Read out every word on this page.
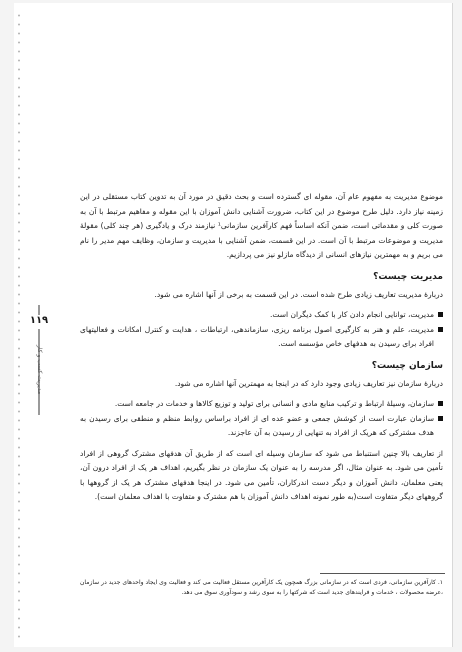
۱۱۹
مدیریت کسب و کار

موضوع مدیریت به مفهوم عام آن، مقوله ای گسترده است و بحث دقیق در مورد آن به تدوین کتاب مستقلی در این زمینه نیاز دارد. دلیل طرح موضوع در این کتاب، ضرورت آشنایی دانش آموزان با این مقوله و مفاهیم مرتبط با آن به صورت کلی و مقدماتی است، ضمن آنکه اساساً فهم کارآفرین سازمانی¹ نیازمند درک و یادگیری (هر چند کلی) مقولهٔ مدیریت و موضوعات مرتبط با آن است. در این قسمت، ضمن آشنایی با مدیریت و سازمان، وظایف مهم مدیر را نام می بریم و به مهمترین نیازهای انسانی از دیدگاه مازلو نیز می پردازیم.

مدیریت چیست؟

دربارهٔ مدیریت تعاریف زیادی طرح شده است. در این قسمت به برخی از آنها اشاره می شود.

مدیریت، توانایی انجام دادن کار با کمک دیگران است.

مدیریت، علم و هنر به کارگیری اصول برنامه ریزی، سازماندهی، ارتباطات ، هدایت و کنترل امکانات و فعالیتهای افراد برای رسیدن به هدفهای خاص مؤسسه است.

سازمان چیست؟

دربارهٔ سازمان نیز تعاریف زیادی وجود دارد که در اینجا به مهمترین آنها اشاره می شود.

سازمان، وسیلهٔ ارتباط و ترکیب منابع مادی و انسانی برای تولید و توزیع کالاها و خدمات در جامعه است.

سازمان عبارت است از کوشش جمعی و عضو عده ای از افراد براساس روابط منظم و منطقی برای رسیدن به هدف مشترکی که هریک از افراد به تنهایی از رسیدن به آن عاجزند.

از تعاریف بالا چنین استنباط می شود که سازمان وسیله ای است که از طریق آن هدفهای مشترک گروهی از افراد تأمین می شود. به عنوان مثال، اگر مدرسه را به عنوان یک سازمان در نظر بگیریم، اهداف هر یک از افراد درون آن، یعنی معلمان، دانش آموزان و دیگر دست اندرکاران، تأمین می شود. در اینجا هدفهای مشترک هر یک از گروهها با گروههای دیگر متفاوت است(به طور نمونه اهداف دانش آموزان با هم مشترک و متفاوت با اهداف معلمان است).

۱. کارآفرین سازمانی، فردی است که در سازمانی بزرگ همچون یک کارآفرین مستقل فعالیت می کند و فعالیت وی ایجاد واحدهای جدید در سازمان ،عرضه محصولات ، خدمات و فرایندهای جدید است که شرکتها را به سوی رشد و سودآوری سوق می دهد.
